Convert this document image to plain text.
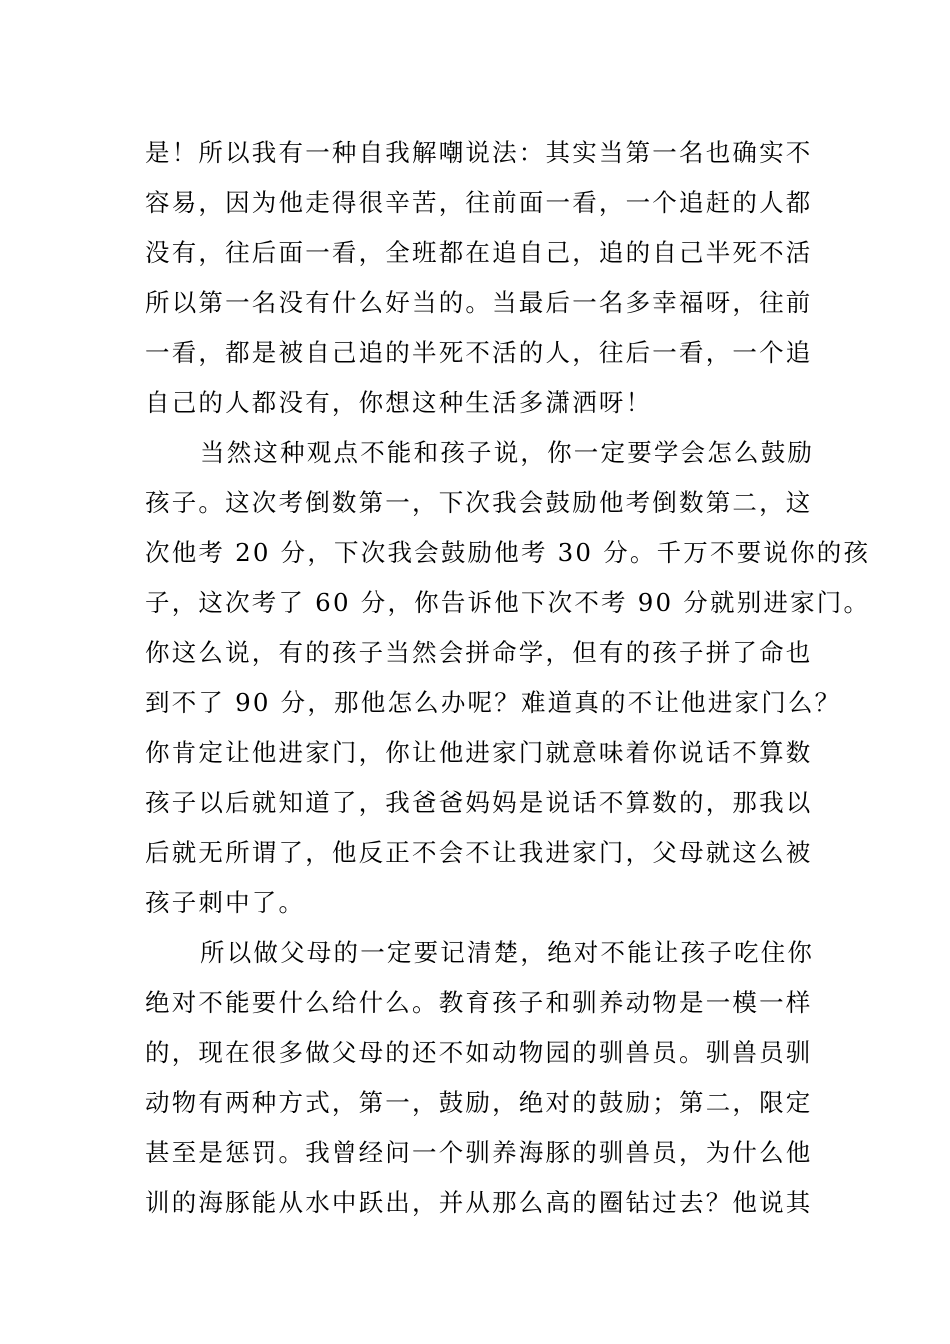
是！所以我有一种自我解嘲说法：其实当第一名也确实不
容易，因为他走得很辛苦，往前面一看，一个追赶的人都
没有，往后面一看，全班都在追自己，追的自己半死不活
所以第一名没有什么好当的。当最后一名多幸福呀，往前
一看，都是被自己追的半死不活的人，往后一看，一个追
自己的人都没有，你想这种生活多潇洒呀！
当然这种观点不能和孩子说，你一定要学会怎么鼓励
孩子。这次考倒数第一，下次我会鼓励他考倒数第二，这
次他考 20 分，下次我会鼓励他考 30 分。千万不要说你的孩
子，这次考了 60 分，你告诉他下次不考 90 分就别进家门。
你这么说，有的孩子当然会拼命学，但有的孩子拼了命也
到不了 90 分，那他怎么办呢？难道真的不让他进家门么？
你肯定让他进家门，你让他进家门就意味着你说话不算数
孩子以后就知道了，我爸爸妈妈是说话不算数的，那我以
后就无所谓了，他反正不会不让我进家门，父母就这么被
孩子刺中了。
所以做父母的一定要记清楚，绝对不能让孩子吃住你
绝对不能要什么给什么。教育孩子和驯养动物是一模一样
的，现在很多做父母的还不如动物园的驯兽员。驯兽员驯
动物有两种方式，第一，鼓励，绝对的鼓励；第二，限定
甚至是惩罚。我曾经问一个驯养海豚的驯兽员，为什么他
训的海豚能从水中跃出，并从那么高的圈钻过去？他说其
